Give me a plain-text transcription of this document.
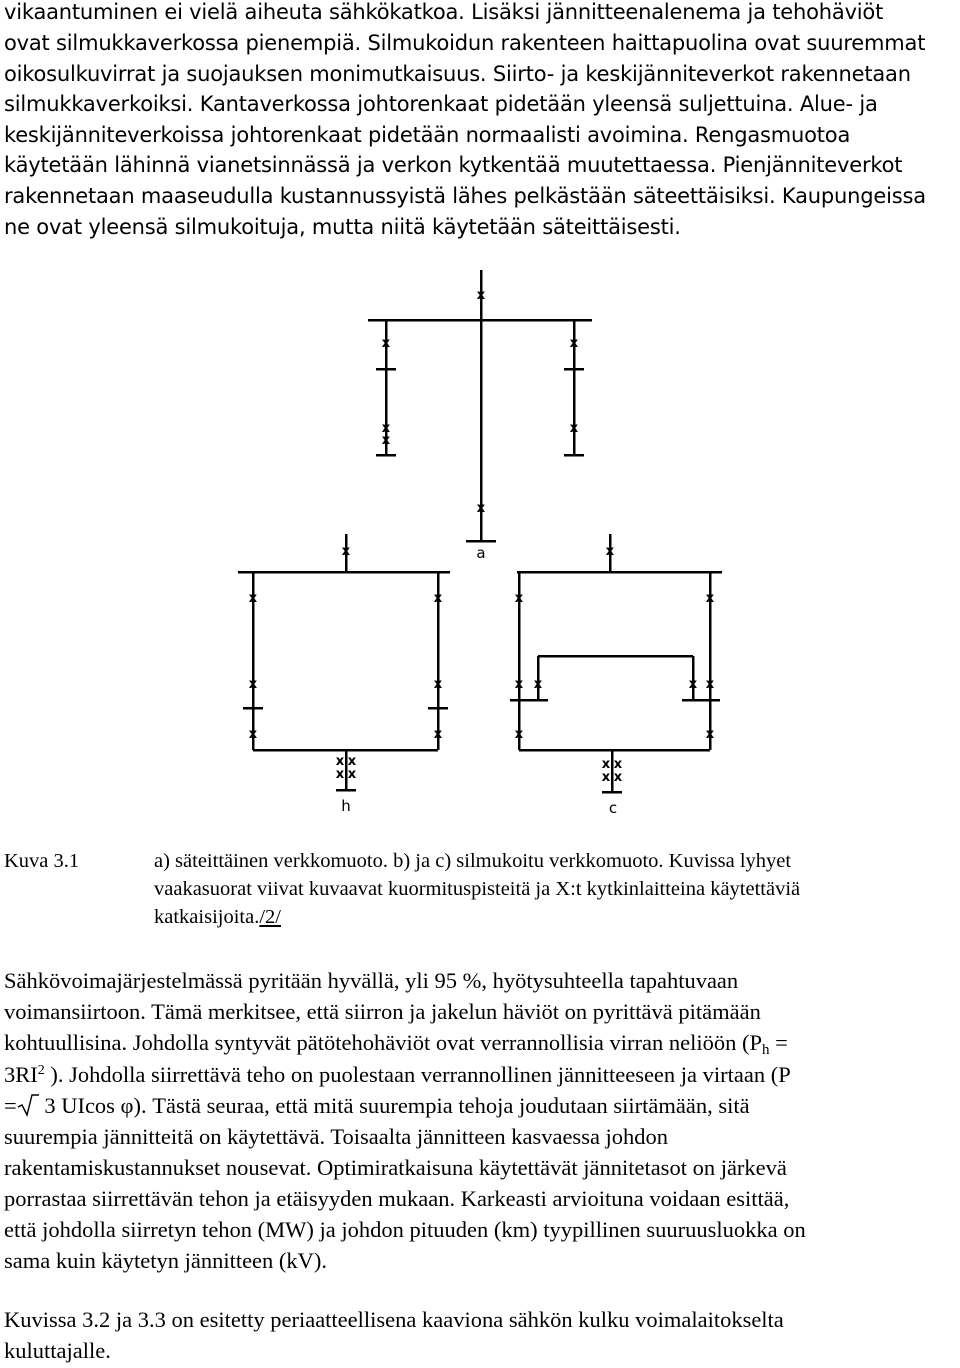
vikaantuminen ei vielä aiheuta sähkökatkoa. Lisäksi jännitteenalenema ja tehohäviöt
ovat silmukkaverkossa pienempiä. Silmukoidun rakenteen haittapuolina ovat suuremmat
oikosulkuvirrat ja suojauksen monimutkaisuus. Siirto- ja keskijänniteverkot rakennetaan
silmukkaverkoiksi. Kantaverkossa johtorenkaat pidetään yleensä suljettuina. Alue- ja
keskijänniteverkoissa johtorenkaat pidetään normaalisti avoimina. Rengasmuotoa
käytetään lähinnä vianetsinnässä ja verkon kytkentää muutettaessa. Pienjänniteverkot
rakennetaan maaseudulla kustannussyistä lähes pelkästään säteettäisiksi. Kaupungeissa
ne ovat yleensä silmukoituja, mutta niitä käytetään säteittäisesti.
x
x	x
x	x
x
x
x
x	x
x	x
x	x
x x
x x
x
x	x
x x	x x
x	x
x x
x x
a
h	c
Kuva 3.1	a) säteittäinen verkkomuoto. b) ja c) silmukoitu verkkomuoto. Kuvissa lyhyet
vaakasuorat viivat kuvaavat kuormituspisteitä ja X:t kytkinlaitteina käytettäviä
katkaisijoita./2/
Sähkövoimajärjestelmässä pyritään hyvällä, yli 95 %, hyötysuhteella tapahtuvaan
voimansiirtoon. Tämä merkitsee, että siirron ja jakelun häviöt on pyrittävä pitämään
kohtuullisina. Johdolla syntyvät pätötehohäviöt ovat verrannollisia virran neliöön ($P_h$ =
$3RI^2$ ). Johdolla siirrettävä teho on puolestaan verrannollinen jännitteeseen ja virtaan (P
= 3 UIcos φ). Tästä seuraa, että mitä suurempia tehoja joudutaan siirtämään, sitä
suurempia jännitteitä on käytettävä. Toisaalta jännitteen kasvaessa johdon
rakentamiskustannukset nousevat. Optimiratkaisuna käytettävät jännitetasot on järkevä
porrastaa siirrettävän tehon ja etäisyyden mukaan. Karkeasti arvioituna voidaan esittää,
että johdolla siirretyn tehon (MW) ja johdon pituuden (km) tyypillinen suuruusluokka on
sama kuin käytetyn jännitteen (kV).
Kuvissa 3.2 ja 3.3 on esitetty periaatteellisena kaaviona sähkön kulku voimalaitokselta
kuluttajalle.
